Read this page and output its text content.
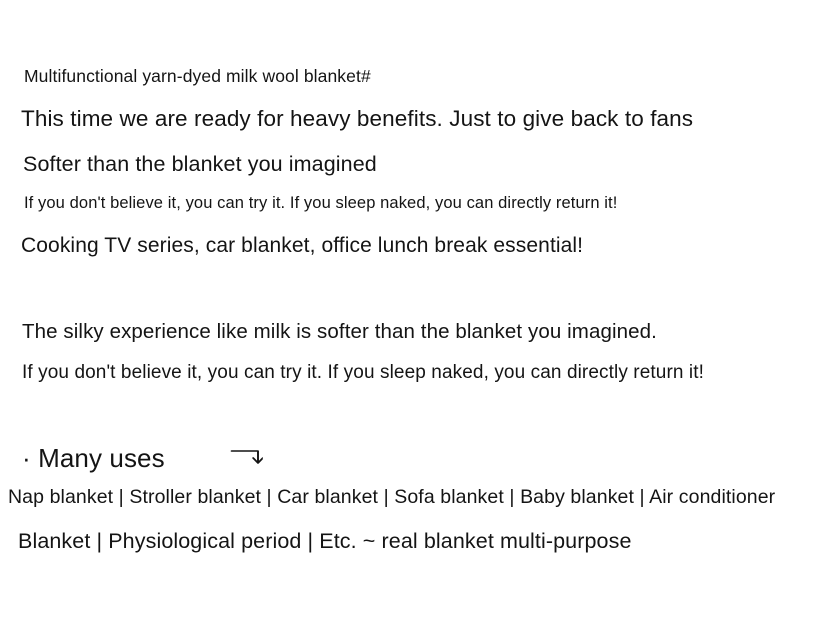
Multifunctional yarn-dyed milk wool blanket#
This time we are ready for heavy benefits. Just to give back to fans
Softer than the blanket you imagined
If you don't believe it, you can try it. If you sleep naked, you can directly return it!
Cooking TV series, car blanket, office lunch break essential!
The silky experience like milk is softer than the blanket you imagined.
If you don't believe it, you can try it. If you sleep naked, you can directly return it!
· Many uses
Nap blanket | Stroller blanket | Car blanket | Sofa blanket | Baby blanket | Air conditioner
Blanket | Physiological period | Etc. ~ real blanket multi-purpose
